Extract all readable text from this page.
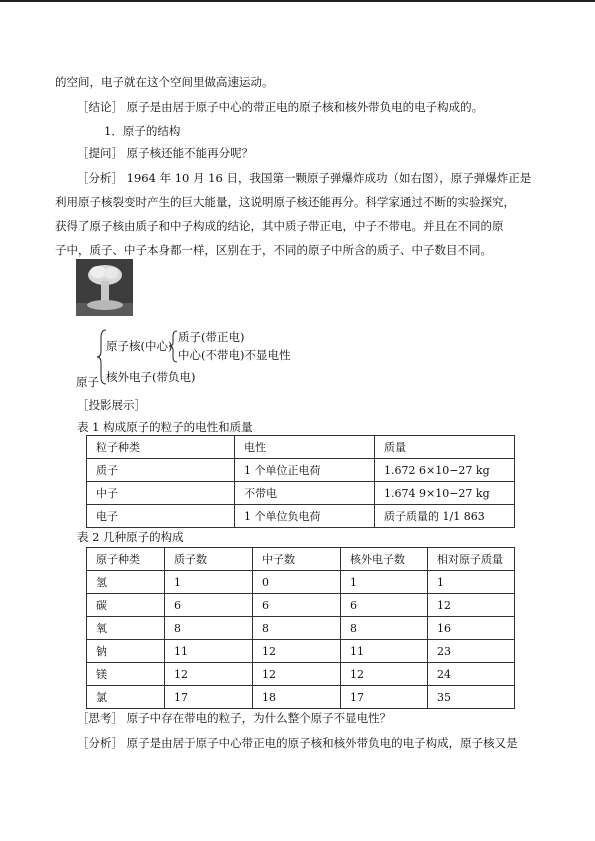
的空间，电子就在这个空间里做高速运动。
［结论］ 原子是由居于原子中心的带正电的原子核和核外带负电的电子构成的。
1．原子的结构
［提问］ 原子核还能不能再分呢？
［分析］ 1964 年 10 月 16 日，我国第一颗原子弹爆炸成功（如右图），原子弹爆炸正是
利用原子核裂变时产生的巨大能量，这说明原子核还能再分。科学家通过不断的实验探究，
获得了原子核由质子和中子构成的结论，其中质子带正电，中子不带电。并且在不同的原
子中，质子、中子本身都一样，区别在于，不同的原子中所含的质子、中子数目不同。
原子核(中心)
质子(带正电)
中心(不带电)不显电性
核外电子(带负电)
原子
［投影展示］
表 1 构成原子的粒子的电性和质量
粒子种类	电性	质量
质子	1 个单位正电荷	1.672 6×10−27 kg
中子	不带电	1.674 9×10−27 kg
电子	1 个单位负电荷	质子质量的 1/1 863
表 2 几种原子的构成
原子种类	质子数	中子数	核外电子数	相对原子质量
氢	1	0	1	1
碳	6	6	6	12
氧	8	8	8	16
钠	11	12	11	23
镁	12	12	12	24
氯	17	18	17	35
［思考］ 原子中存在带电的粒子，为什么整个原子不显电性？
［分析］ 原子是由居于原子中心带正电的原子核和核外带负电的电子构成，原子核又是
